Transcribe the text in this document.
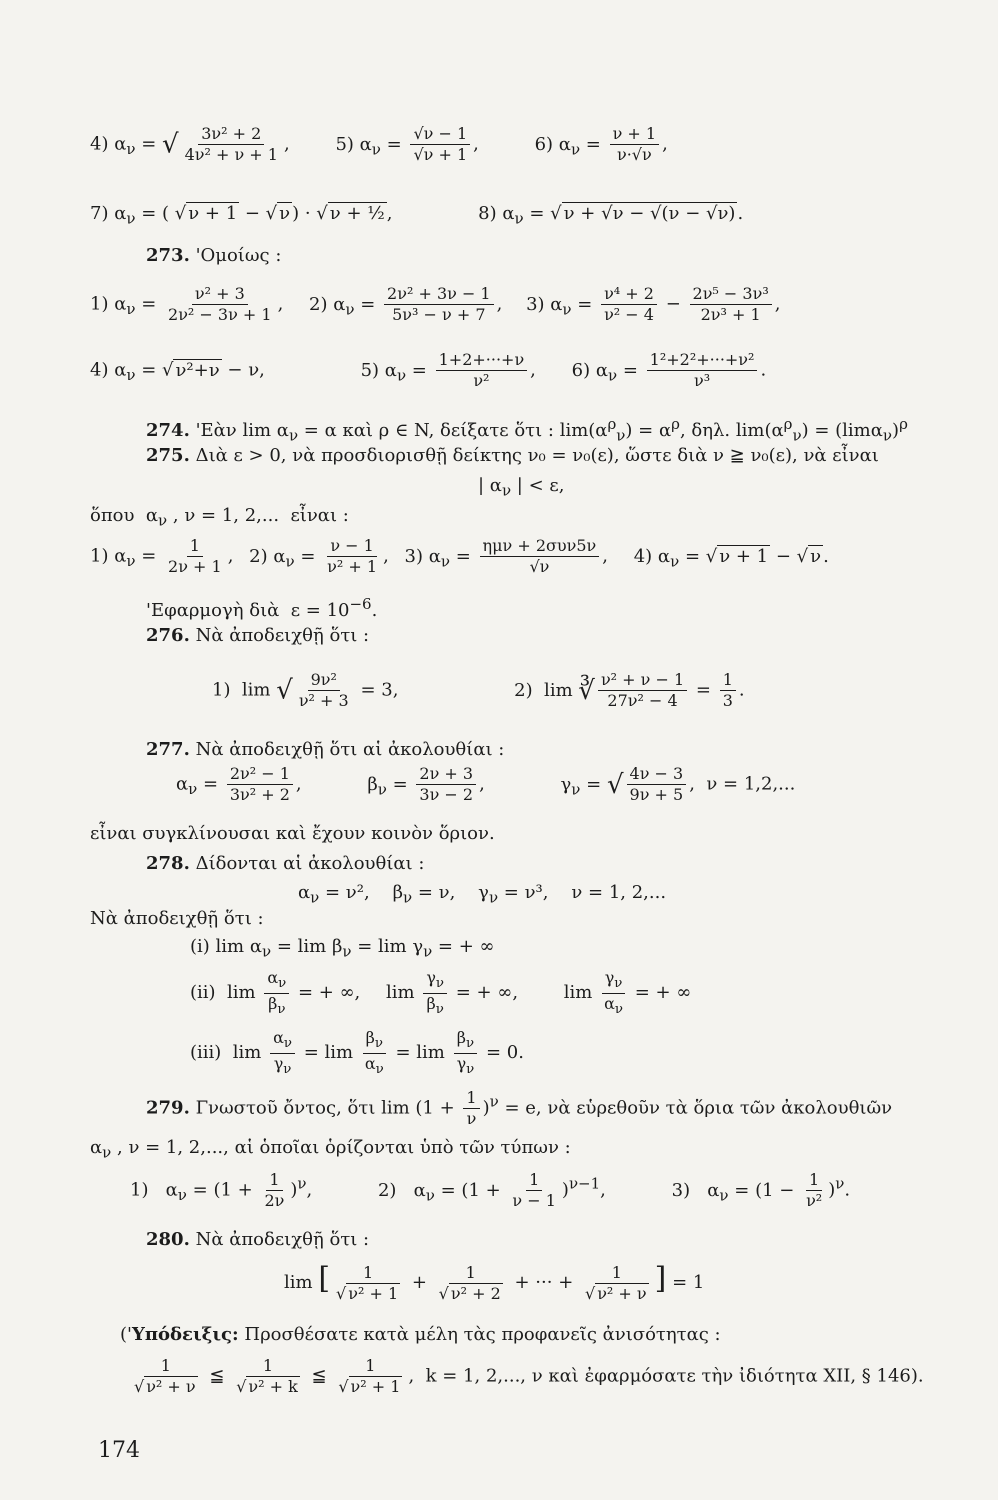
4) $\alpha_\nu$ = √ $\frac{\text{3ν² + 2}}{\text{4ν² + ν + 1}}$ , 5) $\alpha_\nu = \frac{√\nu - 1}{√\nu + 1}$ ,	6) $\alpha_\nu = \frac{\nu + 1}{\nu\cdot√\nu}$ ,
7) $\alpha_\nu$ = ( √ ν + 1 − √ ν ) · √ ν + ½ ,	8) $\alpha_\nu$ = √ ν + √ν − √(ν − √ν) .
273. 'Ομοίως :
1) $\alpha_\nu = \frac{\text{ν² + 3}}{\text{2ν² − 3ν + 1}}$ , 2) $\alpha_\nu = \frac{\text{2ν² + 3ν − 1}}{\text{5ν³ − ν + 7}}$ , 3) $\alpha_\nu = \frac{\text{ν⁴ + 2}}{\text{ν² − 4}} - \frac{\text{2ν⁵ − 3ν³}}{\text{2ν³ + 1}}$ ,
4) $\alpha_\nu$ = √ ν²+ν − ν,	5) $\alpha_\nu = \frac{1+2+\cdot\cdot\cdot+\nu}{\text{ν²}}$ , 6) $\alpha_\nu = \frac{\text{1²+2²+···+ν²}}{\text{ν³}}$ .
274. 'Εὰν $\lim \alpha_\nu = \alpha$ καὶ ρ ∈ N, δείξατε ὅτι : $\lim(\alpha^\rho_\nu) = \alpha^\rho$, δηλ. $\lim(\alpha^\rho_\nu) = (\lim\alpha_\nu)^\rho$
275. Διὰ ε > 0, νὰ προσδιορισθῇ δείκτης ν₀ = ν₀(ε), ὥστε διὰ ν ≧ ν₀(ε), νὰ εἶναι
| $\alpha_\nu$ | < ε,
ὅπου  $\alpha_\nu$ , ν = 1, 2,...  εἶναι :
1) $\alpha_\nu = \frac{1}{2\nu + 1}$ , 2) $\alpha_\nu = \frac{\nu - 1}{\text{ν² + 1}}$ , 3) $\alpha_\nu = \frac{\text{ημν + 2συν5ν}}{√\nu}$ , 4) $\alpha_\nu$ = √ ν + 1 − √ ν .
'Εφαρμογὴ διὰ  $\varepsilon = 10^{-6}$.
276. Νὰ ἀποδειχθῇ ὅτι :
1)  lim √ $\frac{\text{9ν²}}{\text{ν² + 3}} = 3$,	2)  lim ∛ $\frac{\text{ν² + ν − 1}}{\text{27ν² − 4}} = \frac{1}{3}$ .
277. Νὰ ἀποδειχθῇ ὅτι αἱ ἀκολουθίαι :
$\alpha_\nu = \frac{\text{2ν² − 1}}{\text{3ν² + 2}}$ ,	$\beta_\nu = \frac{2\nu + 3}{3\nu - 2}$ ,	$\gamma_\nu$ = √ $\frac{4\nu - 3}{9\nu + 5}$ ,  ν = 1,2,...
εἶναι συγκλίνουσαι καὶ ἔχουν κοινὸν ὅριον.
278. Δίδονται αἱ ἀκολουθίαι :
$\alpha_\nu = \nu^2$,    $\beta_\nu = \nu$,    $\gamma_\nu = \nu^3$,    ν = 1, 2,...
Νὰ ἀποδειχθῇ ὅτι :
(i) $\lim \alpha_\nu = \lim \beta_\nu = \lim \gamma_\nu$ = + ∞
(ii)  $\lim \frac{\alpha_\nu}{\beta_\nu}$ = + ∞, $\lim \frac{\gamma_\nu}{\beta_\nu}$ = + ∞, $\lim \frac{\gamma_\nu}{\alpha_\nu}$ = + ∞
(iii)  $\lim \frac{\alpha_\nu}{\gamma_\nu} = \lim \frac{\beta_\nu}{\alpha_\nu} = \lim \frac{\beta_\nu}{\gamma_\nu} = 0$.
279. Γνωστοῦ ὄντος, ὅτι $\lim (1 + \frac{1}{\nu} )^\nu = e$, νὰ εὑρεθοῦν τὰ ὅρια τῶν ἀκολουθιῶν
$\alpha_\nu$ , ν = 1, 2,..., αἱ ὁποῖαι ὁρίζονται ὑπὸ τῶν τύπων :
1)   $\alpha_\nu = (1 + \frac{1}{2\nu} )^\nu$,	2)   $\alpha_\nu = (1 + \frac{1}{\nu - 1} )^{\nu-1}$,	3)   $\alpha_\nu = (1 - \frac{1}{\text{ν²}} )^\nu$.
280. Νὰ ἀποδειχθῇ ὅτι :
lim [ $\frac{1}{\text{√ ν² + 1}} + \frac{1}{\text{√ ν² + 2}}$ + ··· + $\frac{1}{\text{√ ν² + ν}}$ ] = 1
('Υπόδειξις: Προσθέσατε κατὰ μέλη τὰς προφανεῖς ἀνισότητας :
$\frac{1}{\text{√ ν² + ν}}$ ≦ $\frac{1}{\text{√ ν² + k}}$ ≦ $\frac{1}{\text{√ ν² + 1}}$ ,  k = 1, 2,..., ν καὶ ἐφαρμόσατε τὴν ἰδιότητα XII, § 146).
174
